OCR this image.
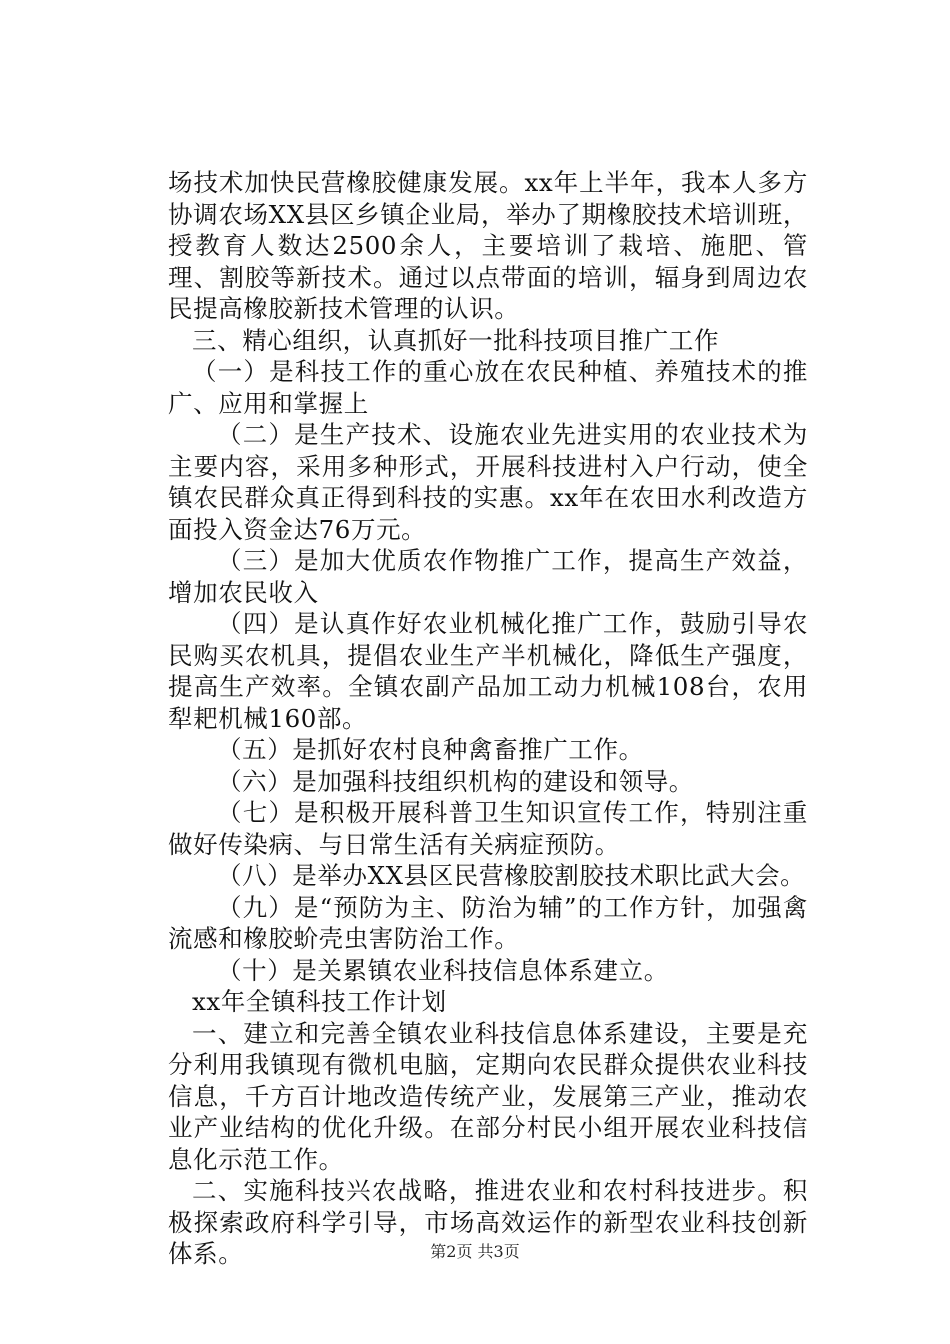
场技术加快民营橡胶健康发展。xx年上半年，我本人多方协调农场XX县区乡镇企业局，举办了期橡胶技术培训班，授教育人数达2500余人，主要培训了栽培、施肥、管理、割胶等新技术。通过以点带面的培训，辐身到周边农民提高橡胶新技术管理的认识。

三、精心组织，认真抓好一批科技项目推广工作

（一）是科技工作的重心放在农民种植、养殖技术的推广、应用和掌握上

（二）是生产技术、设施农业先进实用的农业技术为主要内容，采用多种形式，开展科技进村入户行动，使全镇农民群众真正得到科技的实惠。xx年在农田水利改造方面投入资金达76万元。

（三）是加大优质农作物推广工作，提高生产效益，增加农民收入

（四）是认真作好农业机械化推广工作，鼓励引导农民购买农机具，提倡农业生产半机械化，降低生产强度，提高生产效率。全镇农副产品加工动力机械108台，农用犁耙机械160部。

（五）是抓好农村良种禽畜推广工作。

（六）是加强科技组织机构的建设和领导。

（七）是积极开展科普卫生知识宣传工作，特别注重做好传染病、与日常生活有关病症预防。

（八）是举办XX县区民营橡胶割胶技术职比武大会。

（九）是“预防为主、防治为辅”的工作方针，加强禽流感和橡胶蚧壳虫害防治工作。

（十）是关累镇农业科技信息体系建立。

xx年全镇科技工作计划

一、建立和完善全镇农业科技信息体系建设，主要是充分利用我镇现有微机电脑，定期向农民群众提供农业科技信息，千方百计地改造传统产业，发展第三产业，推动农业产业结构的优化升级。在部分村民小组开展农业科技信息化示范工作。

二、实施科技兴农战略，推进农业和农村科技进步。积极探索政府科学引导，市场高效运作的新型农业科技创新体系。	第2页 共3页
